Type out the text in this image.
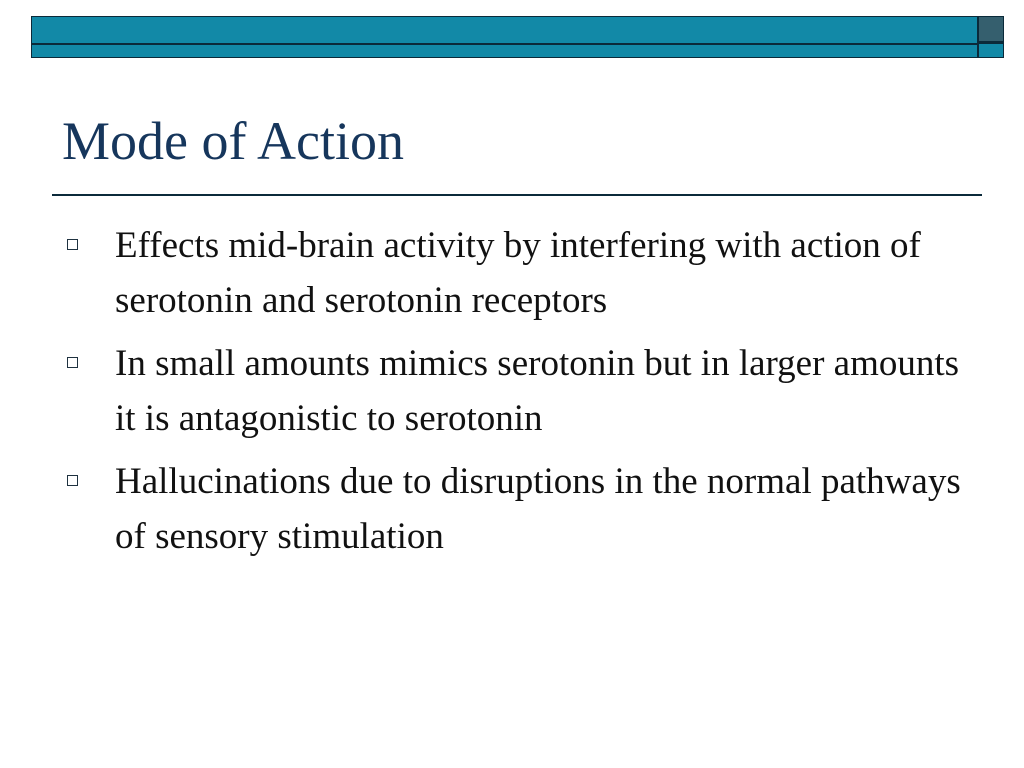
Mode of Action
Effects mid-brain activity by interfering with action of serotonin and serotonin receptors
In small amounts mimics serotonin but in larger amounts it is antagonistic to serotonin
Hallucinations due to disruptions in the normal pathways of sensory stimulation
